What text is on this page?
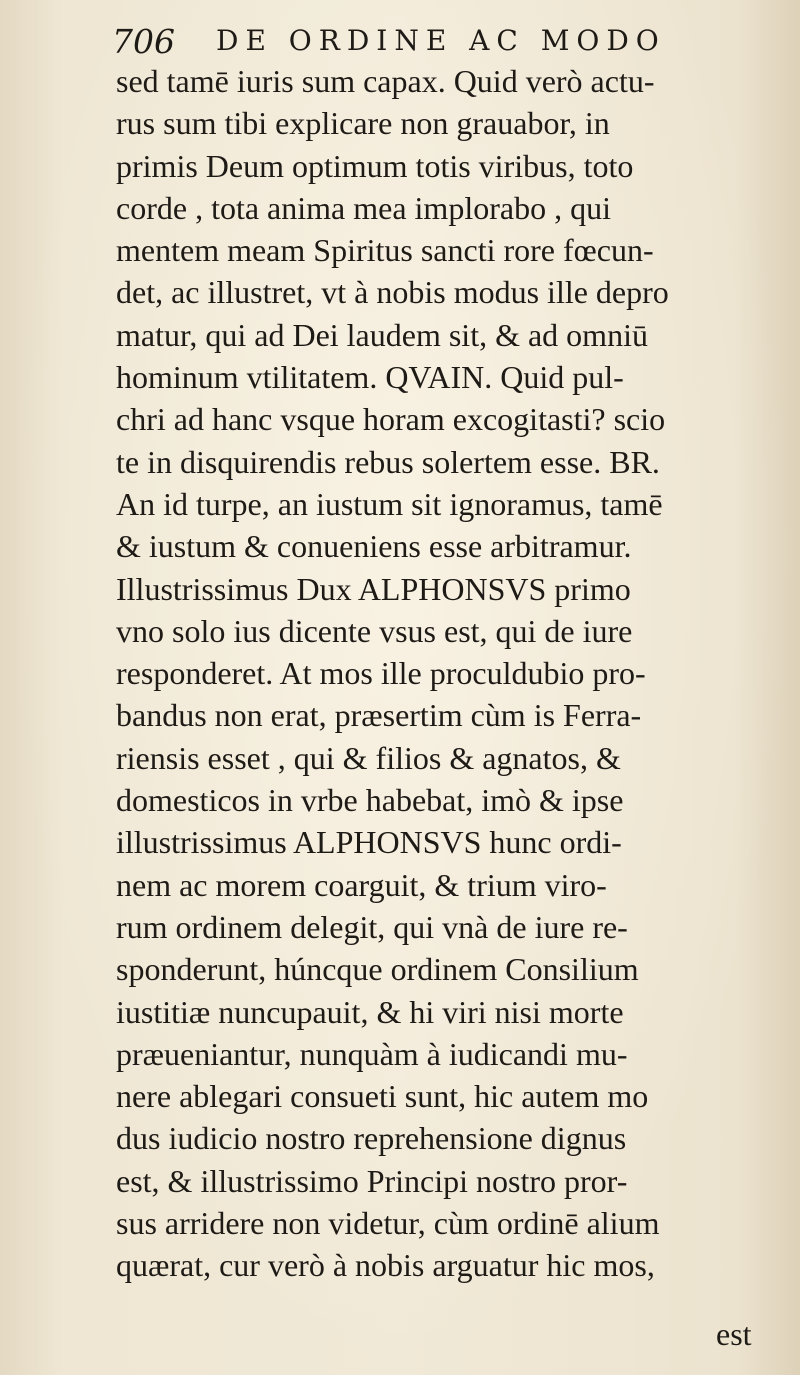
706 DE ORDINE AC MODO
sed tamē iuris sum capax. Quid verò actu-
rus sum tibi explicare non grauabor, in
primis Deum optimum totis viribus, toto
corde , tota anima mea implorabo , qui
mentem meam Spiritus sancti rore fœcun-
det, ac illustret, vt à nobis modus ille depro
matur, qui ad Dei laudem sit, & ad omniū
hominum vtilitatem. QVAIN. Quid pul-
chri ad hanc vsque horam excogitasti? scio
te in disquirendis rebus solertem esse. BR.
An id turpe, an iustum sit ignoramus, tamē
& iustum & conueniens esse arbitramur.
Illustrissimus Dux ALPHONSVS primo
vno solo ius dicente vsus est, qui de iure
responderet. At mos ille proculdubio pro-
bandus non erat, præsertim cùm is Ferra-
riensis esset , qui & filios & agnatos, &
domesticos in vrbe habebat, imò & ipse
illustrissimus ALPHONSVS hunc ordi-
nem ac morem coarguit, & trium viro-
rum ordinem delegit, qui vnà de iure re-
sponderunt, húncque ordinem Consilium
iustitiæ nuncupauit, & hi viri nisi morte
præueniantur, nunquàm à iudicandi mu-
nere ablegari consueti sunt, hic autem mo
dus iudicio nostro reprehensione dignus
est, & illustrissimo Principi nostro pror-
sus arridere non videtur, cùm ordinē alium
quærat, cur verò à nobis arguatur hic mos,
est
